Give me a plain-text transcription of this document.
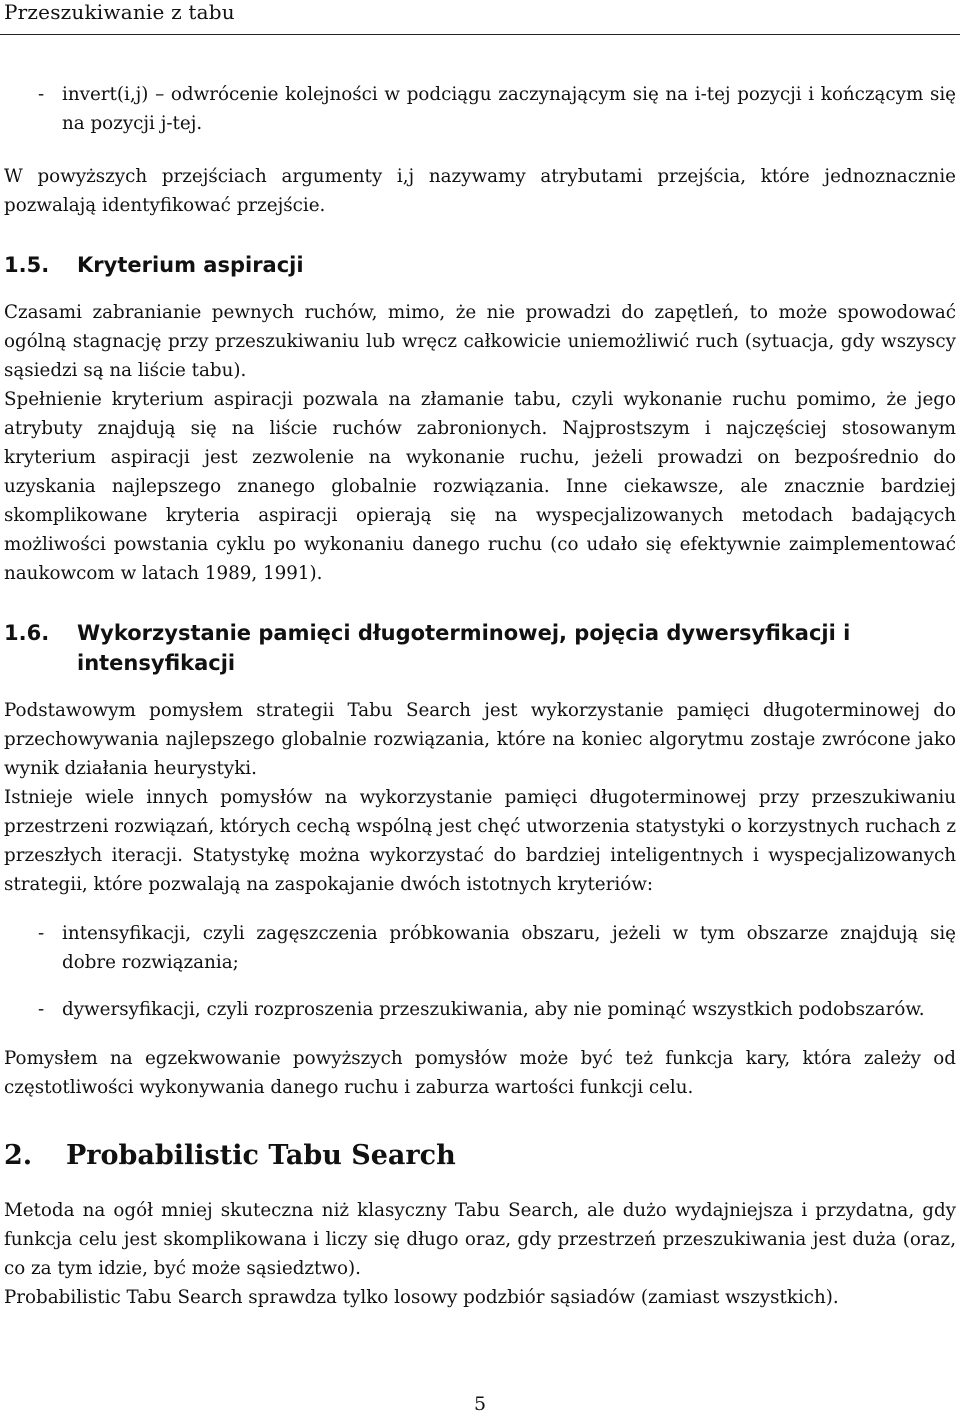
Przeszukiwanie z tabu
- invert(i,j) – odwrócenie kolejności w podciągu zaczynającym się na i-tej pozycji i kończącym się na pozycji j-tej.

W powyższych przejściach argumenty i,j nazywamy atrybutami przejścia, które jednoznacznie pozwalają identyfikować przejście.

1.5.	Kryterium aspiracji

Czasami zabranianie pewnych ruchów, mimo, że nie prowadzi do zapętleń, to może spowodować ogólną stagnację przy przeszukiwaniu lub wręcz całkowicie uniemożliwić ruch (sytuacja, gdy wszyscy sąsiedzi są na liście tabu).

Spełnienie kryterium aspiracji pozwala na złamanie tabu, czyli wykonanie ruchu pomimo, że jego atrybuty znajdują się na liście ruchów zabronionych. Najprostszym i najczęściej stosowanym kryterium aspiracji jest zezwolenie na wykonanie ruchu, jeżeli prowadzi on bezpośrednio do uzyskania najlepszego znanego globalnie rozwiązania. Inne ciekawsze, ale znacznie bardziej skomplikowane kryteria aspiracji opierają się na wyspecjalizowanych metodach badających możliwości powstania cyklu po wykonaniu danego ruchu (co udało się efektywnie zaimplementować naukowcom w latach 1989, 1991).

1.6.	Wykorzystanie pamięci długoterminowej, pojęcia dywersyfikacji i intensyfikacji

Podstawowym pomysłem strategii Tabu Search jest wykorzystanie pamięci długoterminowej do przechowywania najlepszego globalnie rozwiązania, które na koniec algorytmu zostaje zwrócone jako wynik działania heurystyki.

Istnieje wiele innych pomysłów na wykorzystanie pamięci długoterminowej przy przeszukiwaniu przestrzeni rozwiązań, których cechą wspólną jest chęć utworzenia statystyki o korzystnych ruchach z przeszłych iteracji. Statystykę można wykorzystać do bardziej inteligentnych i wyspecjalizowanych strategii, które pozwalają na zaspokajanie dwóch istotnych kryteriów:

- intensyfikacji, czyli zagęszczenia próbkowania obszaru, jeżeli w tym obszarze znajdują się dobre rozwiązania;
- dywersyfikacji, czyli rozproszenia przeszukiwania, aby nie pominąć wszystkich podobszarów.

Pomysłem na egzekwowanie powyższych pomysłów może być też funkcja kary, która zależy od częstotliwości wykonywania danego ruchu i zaburza wartości funkcji celu.

2.	Probabilistic Tabu Search

Metoda na ogół mniej skuteczna niż klasyczny Tabu Search, ale dużo wydajniejsza i przydatna, gdy funkcja celu jest skomplikowana i liczy się długo oraz, gdy przestrzeń przeszukiwania jest duża (oraz, co za tym idzie, być może sąsiedztwo).

Probabilistic Tabu Search sprawdza tylko losowy podzbiór sąsiadów (zamiast wszystkich).

5
